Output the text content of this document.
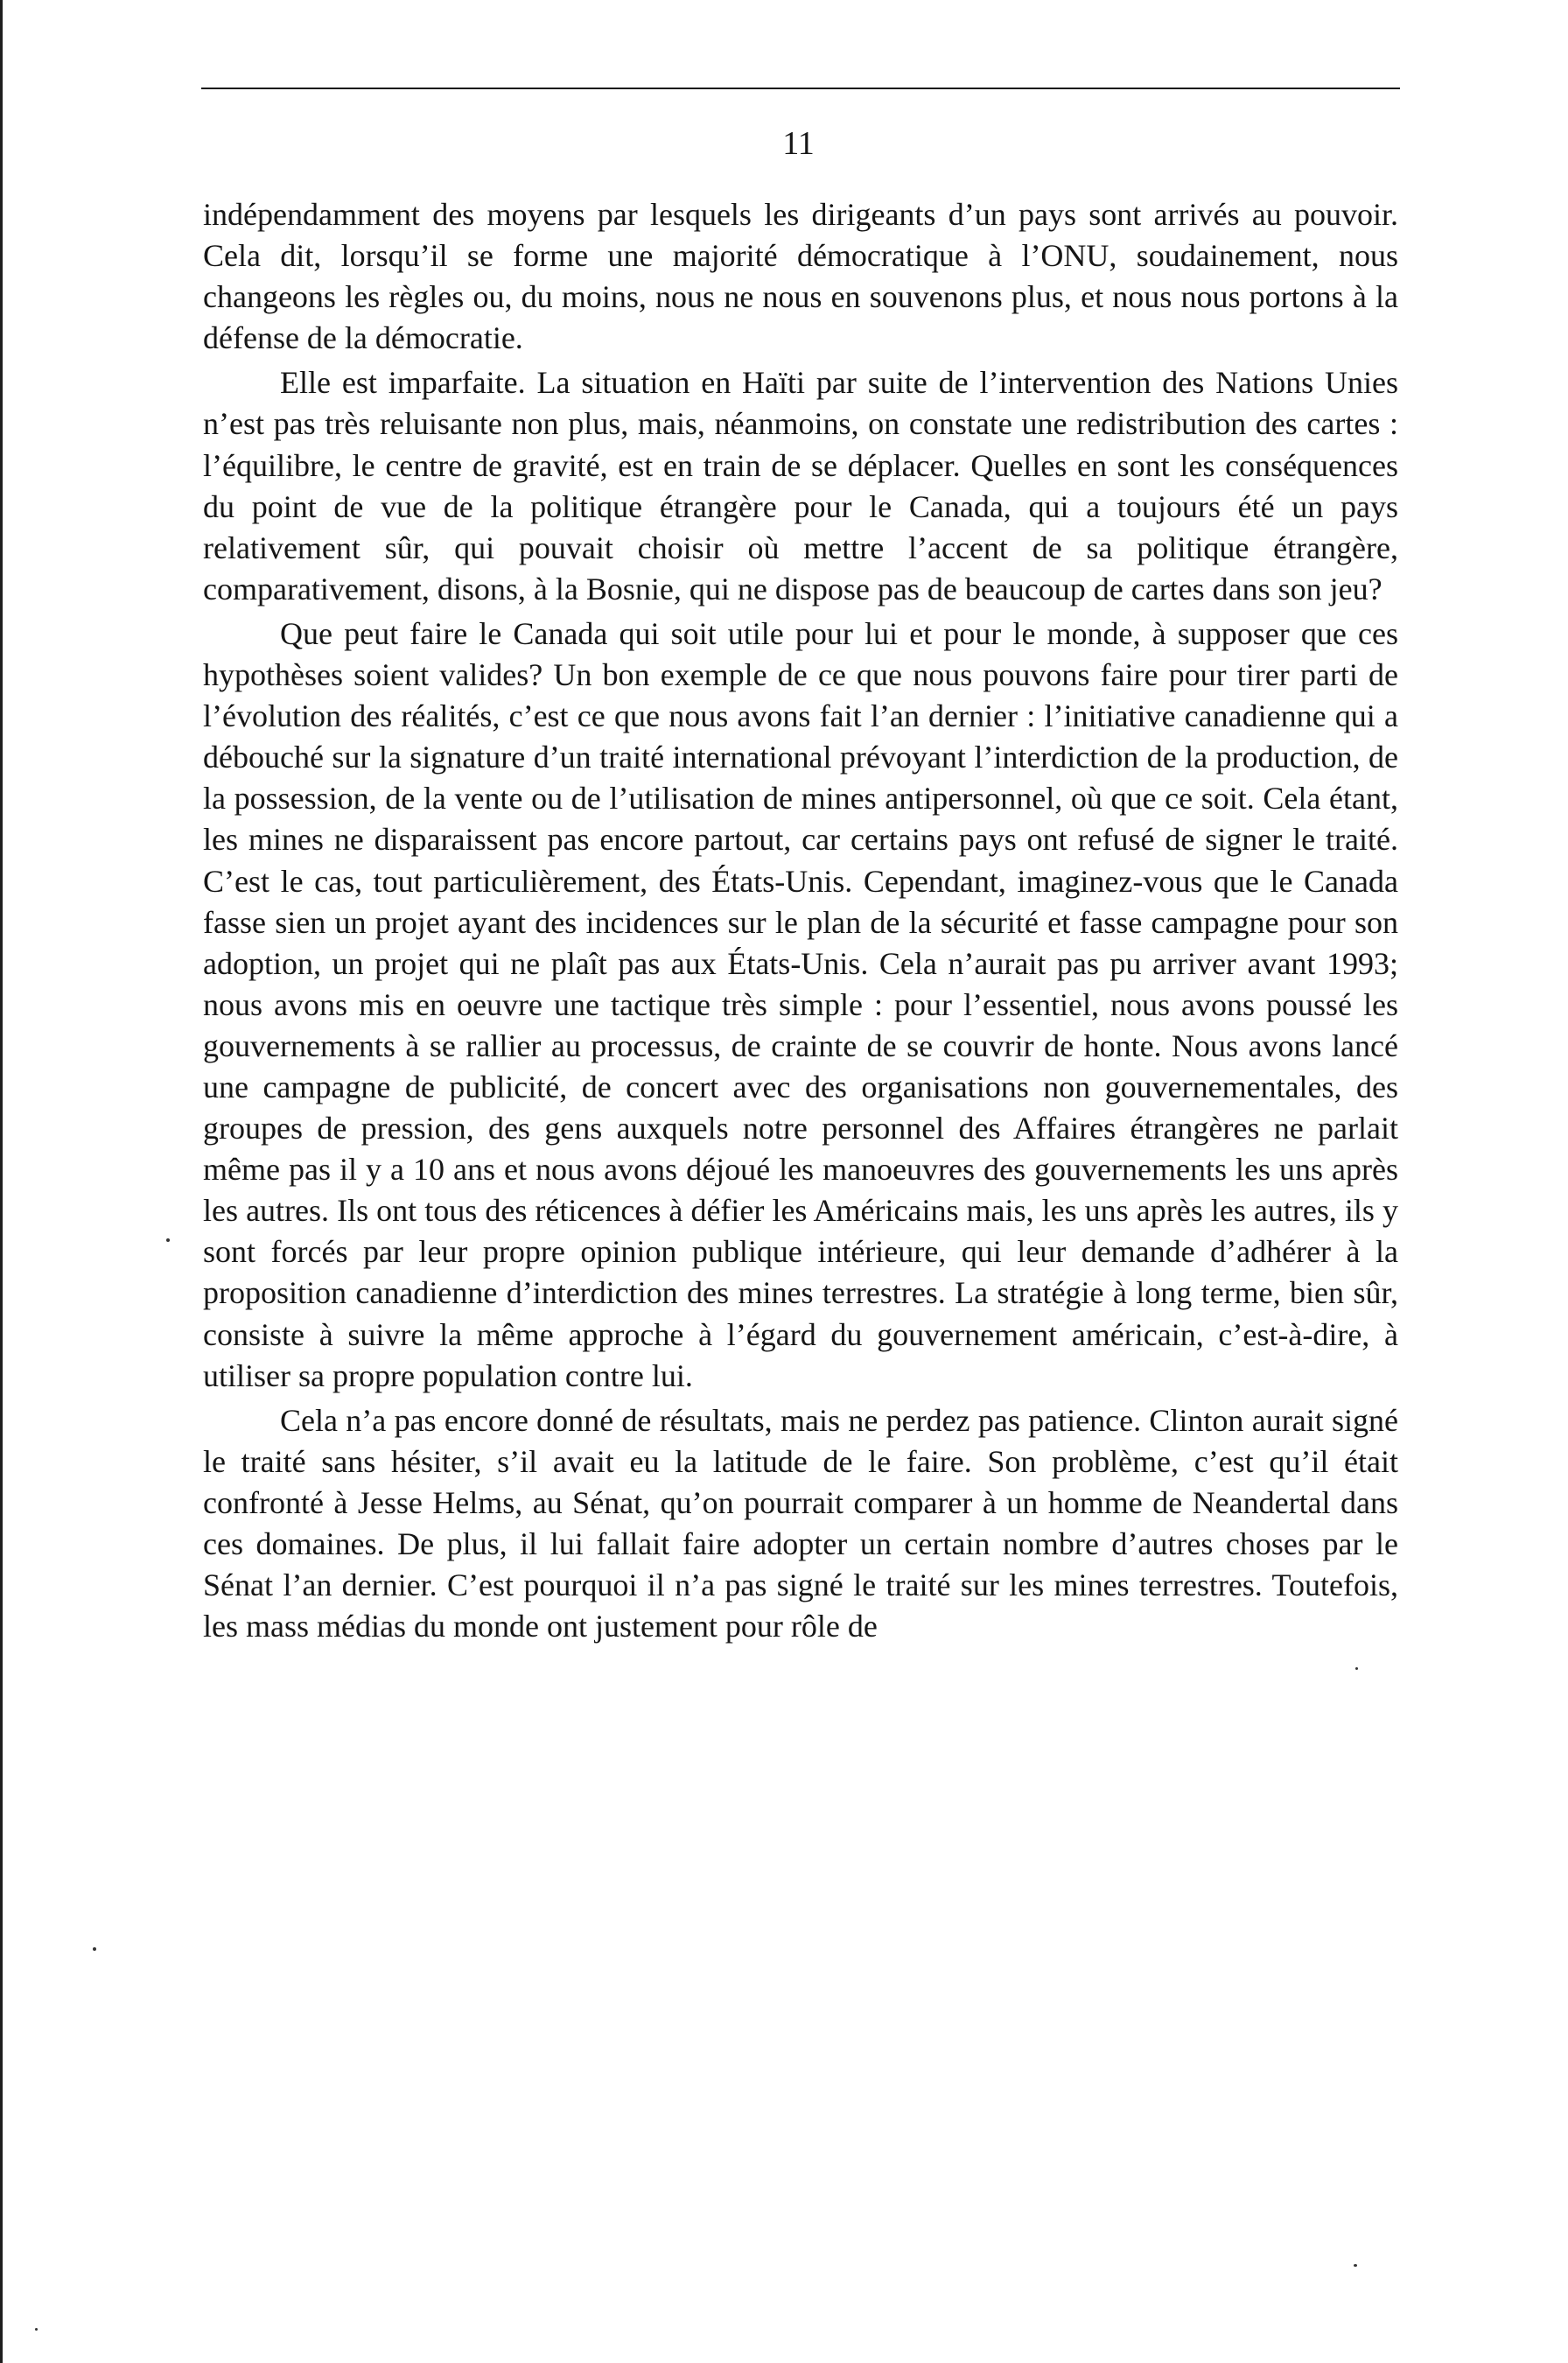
11

indépendamment des moyens par lesquels les dirigeants d’un pays sont arrivés au pouvoir. Cela dit, lorsqu’il se forme une majorité démocratique à l’ONU, soudainement, nous changeons les règles ou, du moins, nous ne nous en souvenons plus, et nous nous portons à la défense de la démocratie.

Elle est imparfaite. La situation en Haïti par suite de l’intervention des Nations Unies n’est pas très reluisante non plus, mais, néanmoins, on constate une redistribution des cartes : l’équilibre, le centre de gravité, est en train de se déplacer. Quelles en sont les conséquences du point de vue de la politique étrangère pour le Canada, qui a toujours été un pays relativement sûr, qui pouvait choisir où mettre l’accent de sa politique étrangère, comparativement, disons, à la Bosnie, qui ne dispose pas de beaucoup de cartes dans son jeu?

Que peut faire le Canada qui soit utile pour lui et pour le monde, à supposer que ces hypothèses soient valides? Un bon exemple de ce que nous pouvons faire pour tirer parti de l’évolution des réalités, c’est ce que nous avons fait l’an dernier : l’initiative canadienne qui a débouché sur la signature d’un traité international prévoyant l’interdiction de la production, de la possession, de la vente ou de l’utilisation de mines antipersonnel, où que ce soit. Cela étant, les mines ne disparaissent pas encore partout, car certains pays ont refusé de signer le traité. C’est le cas, tout particulièrement, des États-Unis. Cependant, imaginez-vous que le Canada fasse sien un projet ayant des incidences sur le plan de la sécurité et fasse campagne pour son adoption, un projet qui ne plaît pas aux États-Unis. Cela n’aurait pas pu arriver avant 1993; nous avons mis en oeuvre une tactique très simple : pour l’essentiel, nous avons poussé les gouvernements à se rallier au processus, de crainte de se couvrir de honte. Nous avons lancé une campagne de publicité, de concert avec des organisations non gouvernementales, des groupes de pression, des gens auxquels notre personnel des Affaires étrangères ne parlait même pas il y a 10 ans et nous avons déjoué les manoeuvres des gouvernements les uns après les autres. Ils ont tous des réticences à défier les Américains mais, les uns après les autres, ils y sont forcés par leur propre opinion publique intérieure, qui leur demande d’adhérer à la proposition canadienne d’interdiction des mines terrestres. La stratégie à long terme, bien sûr, consiste à suivre la même approche à l’égard du gouvernement américain, c’est-à-dire, à utiliser sa propre population contre lui.

Cela n’a pas encore donné de résultats, mais ne perdez pas patience. Clinton aurait signé le traité sans hésiter, s’il avait eu la latitude de le faire. Son problème, c’est qu’il était confronté à Jesse Helms, au Sénat, qu’on pourrait comparer à un homme de Neandertal dans ces domaines. De plus, il lui fallait faire adopter un certain nombre d’autres choses par le Sénat l’an dernier. C’est pourquoi il n’a pas signé le traité sur les mines terrestres. Toutefois, les mass médias du monde ont justement pour rôle de
